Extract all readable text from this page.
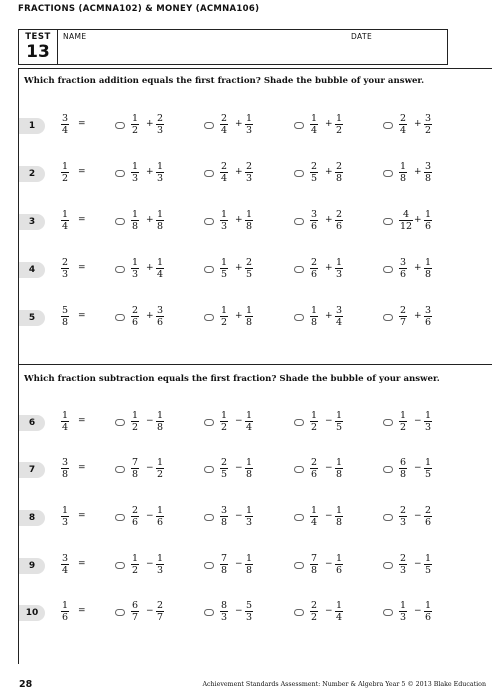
FRACTIONS (ACMNA102) & MONEY (ACMNA106)
TEST
13
NAME	DATE
Which fraction addition equals the first fraction? Shade the bubble of your answer.
Which fraction subtraction equals the first fraction? Shade the bubble of your answer.
1	$\frac{3}{4}$ =	$\frac{1}{2} + \frac{2}{3}$	$\frac{2}{4} + \frac{1}{3}$	$\frac{1}{4} + \frac{1}{2}$	$\frac{2}{4} + \frac{3}{2}$
2	$\frac{1}{2}$ =	$\frac{1}{3} + \frac{1}{3}$	$\frac{2}{4} + \frac{2}{3}$	$\frac{2}{5} + \frac{2}{8}$	$\frac{1}{8} + \frac{3}{8}$
3	$\frac{1}{4}$ =	$\frac{1}{8} + \frac{1}{8}$	$\frac{1}{3} + \frac{1}{8}$	$\frac{3}{6} + \frac{2}{6}$	$\frac{4}{12} + \frac{1}{6}$
4	$\frac{2}{3}$ =	$\frac{1}{3} + \frac{1}{4}$	$\frac{1}{5} + \frac{2}{5}$	$\frac{2}{6} + \frac{1}{3}$	$\frac{3}{6} + \frac{1}{8}$
5	$\frac{5}{8}$ =	$\frac{2}{6} + \frac{3}{6}$	$\frac{1}{2} + \frac{1}{8}$	$\frac{1}{8} + \frac{3}{4}$	$\frac{2}{7} + \frac{3}{6}$
6	$\frac{1}{4}$ =	$\frac{1}{2} - \frac{1}{8}$	$\frac{1}{2} - \frac{1}{4}$	$\frac{1}{2} - \frac{1}{5}$	$\frac{1}{2} - \frac{1}{3}$
7	$\frac{3}{8}$ =	$\frac{7}{8} - \frac{1}{2}$	$\frac{2}{5} - \frac{1}{8}$	$\frac{2}{6} - \frac{1}{8}$	$\frac{6}{8} - \frac{1}{5}$
8	$\frac{1}{3}$ =	$\frac{2}{6} - \frac{1}{6}$	$\frac{3}{8} - \frac{1}{3}$	$\frac{1}{4} - \frac{1}{8}$	$\frac{2}{3} - \frac{2}{6}$
9	$\frac{3}{4}$ =	$\frac{1}{2} - \frac{1}{3}$	$\frac{7}{8} - \frac{1}{8}$	$\frac{7}{8} - \frac{1}{6}$	$\frac{2}{3} - \frac{1}{5}$
10	$\frac{1}{6}$ =	$\frac{6}{7} - \frac{2}{7}$	$\frac{8}{3} - \frac{5}{3}$	$\frac{2}{2} - \frac{1}{4}$	$\frac{1}{3} - \frac{1}{6}$
28	Achievement Standards Assessment: Number & Algebra Year 5 © 2013 Blake Education
